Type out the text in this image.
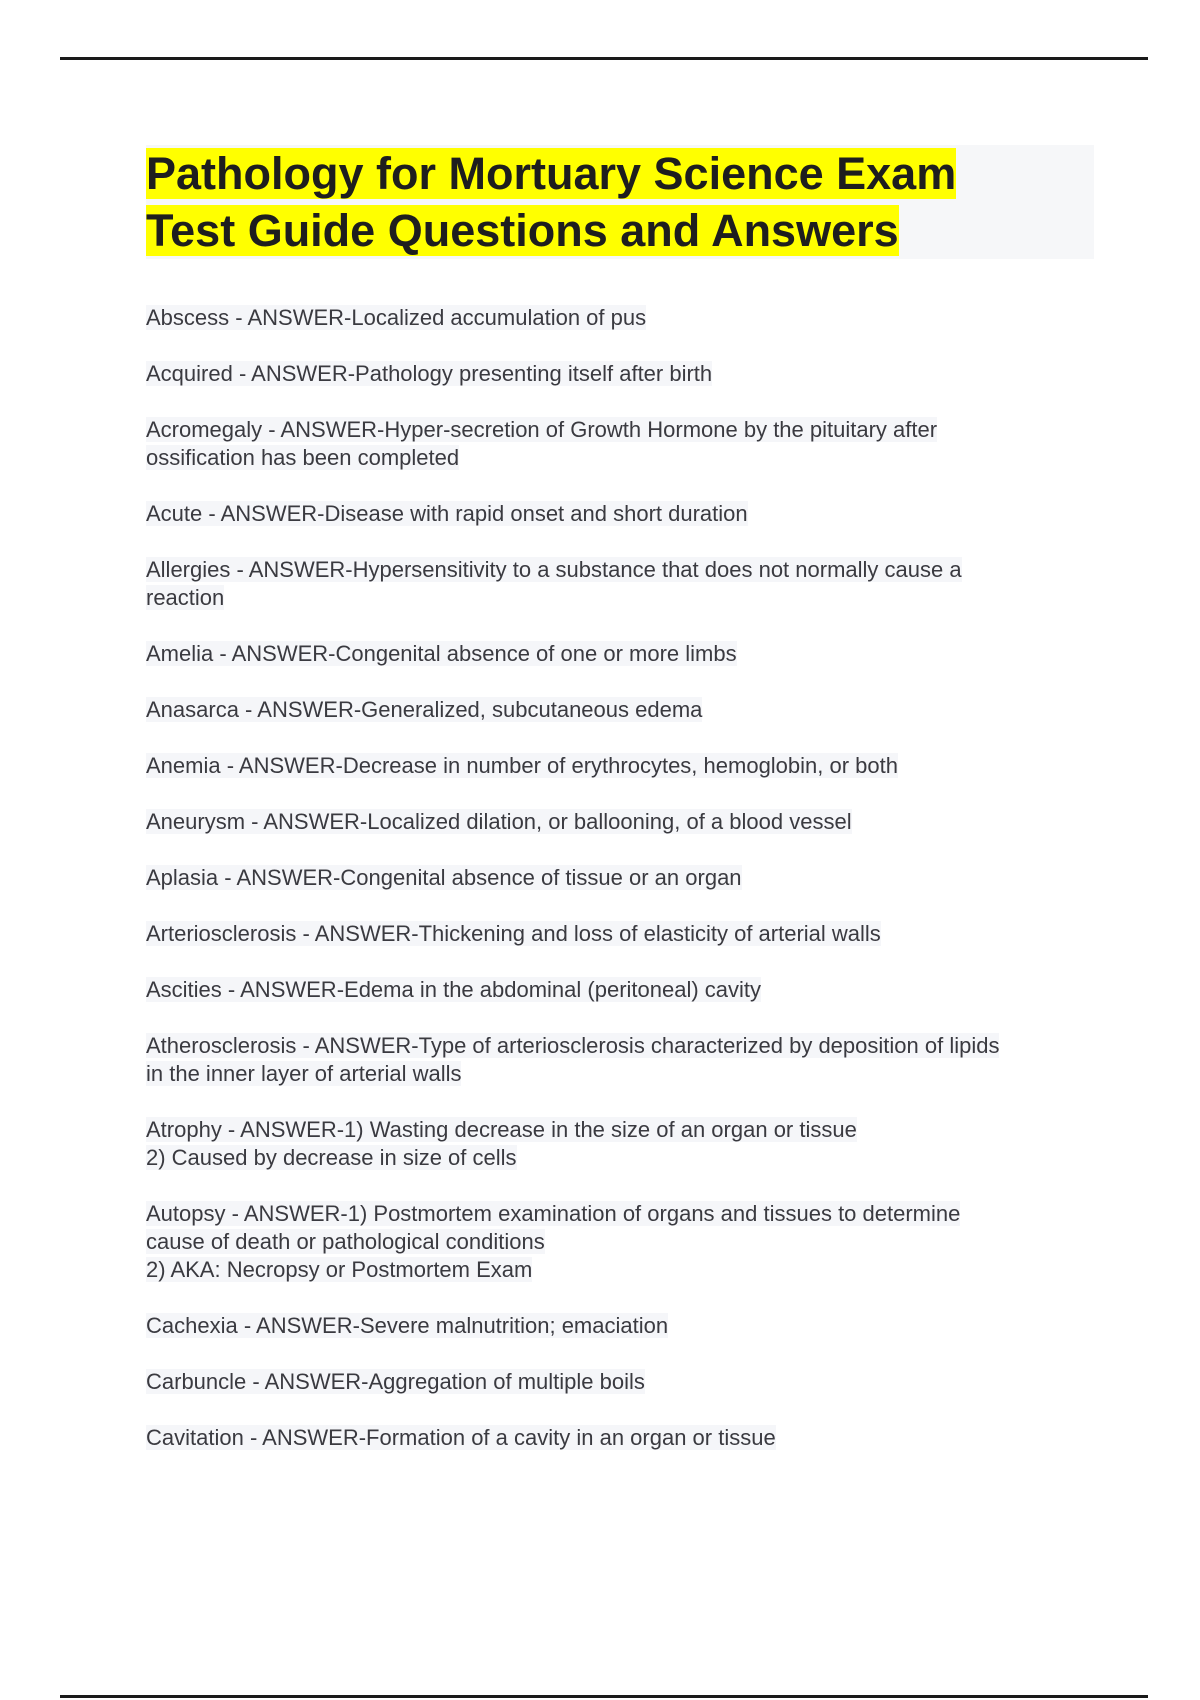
Pathology for Mortuary Science Exam
Test Guide Questions and Answers
Abscess - ANSWER-Localized accumulation of pus
Acquired - ANSWER-Pathology presenting itself after birth
Acromegaly - ANSWER-Hyper-secretion of Growth Hormone by the pituitary after
ossification has been completed
Acute - ANSWER-Disease with rapid onset and short duration
Allergies - ANSWER-Hypersensitivity to a substance that does not normally cause a
reaction
Amelia - ANSWER-Congenital absence of one or more limbs
Anasarca - ANSWER-Generalized, subcutaneous edema
Anemia - ANSWER-Decrease in number of erythrocytes, hemoglobin, or both
Aneurysm - ANSWER-Localized dilation, or ballooning, of a blood vessel
Aplasia - ANSWER-Congenital absence of tissue or an organ
Arteriosclerosis - ANSWER-Thickening and loss of elasticity of arterial walls
Ascities - ANSWER-Edema in the abdominal (peritoneal) cavity
Atherosclerosis - ANSWER-Type of arteriosclerosis characterized by deposition of lipids
in the inner layer of arterial walls
Atrophy - ANSWER-1) Wasting decrease in the size of an organ or tissue
2) Caused by decrease in size of cells
Autopsy - ANSWER-1) Postmortem examination of organs and tissues to determine
cause of death or pathological conditions
2) AKA: Necropsy or Postmortem Exam
Cachexia - ANSWER-Severe malnutrition; emaciation
Carbuncle - ANSWER-Aggregation of multiple boils
Cavitation - ANSWER-Formation of a cavity in an organ or tissue
